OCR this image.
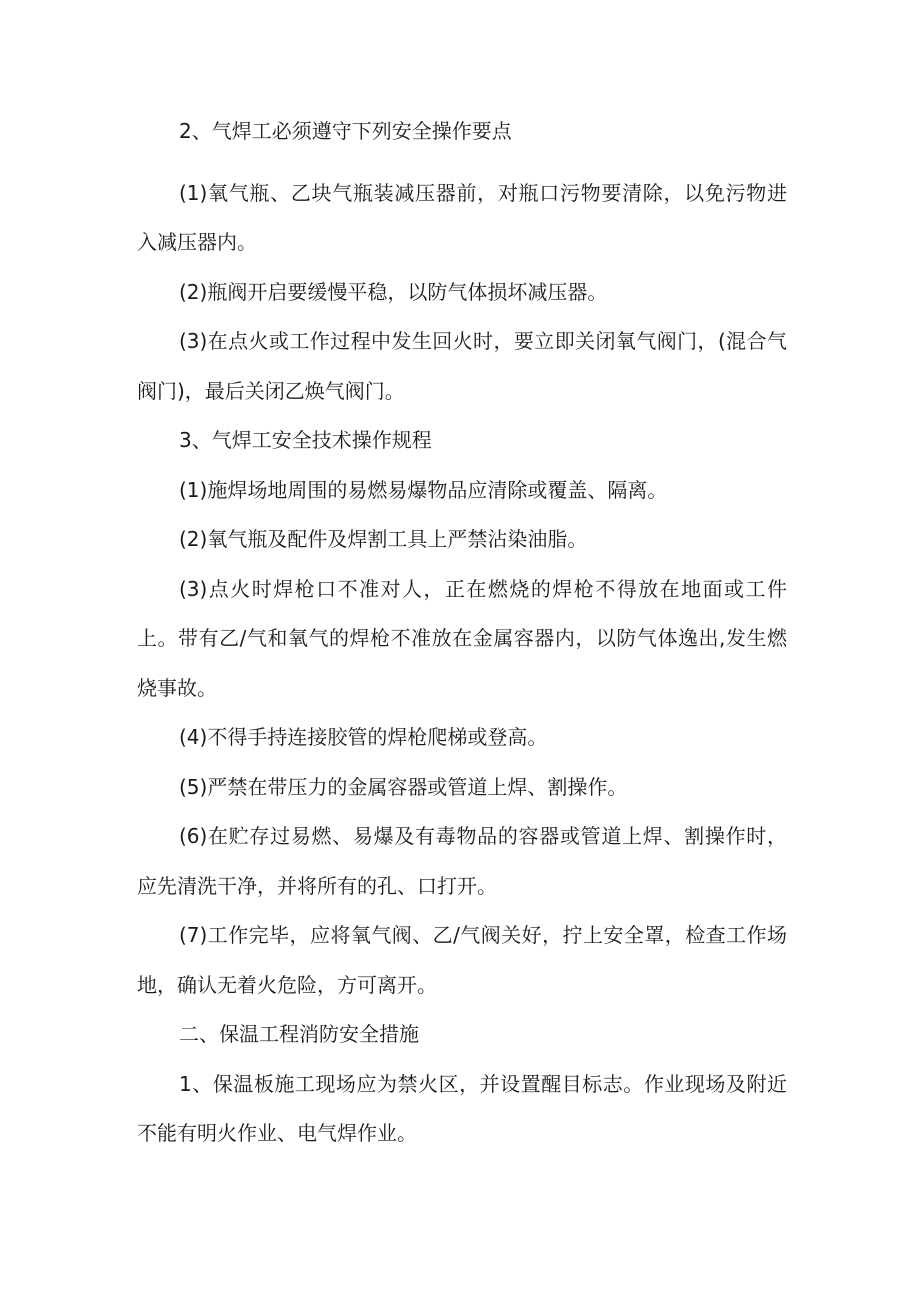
2、气焊工必须遵守下列安全操作要点

(1)氧气瓶、乙块气瓶装减压器前，对瓶口污物要清除，以免污物进入减压器内。

(2)瓶阀开启要缓慢平稳，以防气体损坏减压器。

(3)在点火或工作过程中发生回火时，要立即关闭氧气阀门，(混合气阀门)，最后关闭乙焕气阀门。

3、气焊工安全技术操作规程

(1)施焊场地周围的易燃易爆物品应清除或覆盖、隔离。

(2)氧气瓶及配件及焊割工具上严禁沾染油脂。

(3)点火时焊枪口不准对人，正在燃烧的焊枪不得放在地面或工件上。带有乙/气和氧气的焊枪不准放在金属容器内，以防气体逸出,发生燃烧事故。

(4)不得手持连接胶管的焊枪爬梯或登高。

(5)严禁在带压力的金属容器或管道上焊、割操作。

(6)在贮存过易燃、易爆及有毒物品的容器或管道上焊、割操作时，应先清洗干净，并将所有的孔、口打开。

(7)工作完毕，应将氧气阀、乙/气阀关好，拧上安全罩，检查工作场地，确认无着火危险，方可离开。

二、保温工程消防安全措施

1、保温板施工现场应为禁火区，并设置醒目标志。作业现场及附近不能有明火作业、电气焊作业。
